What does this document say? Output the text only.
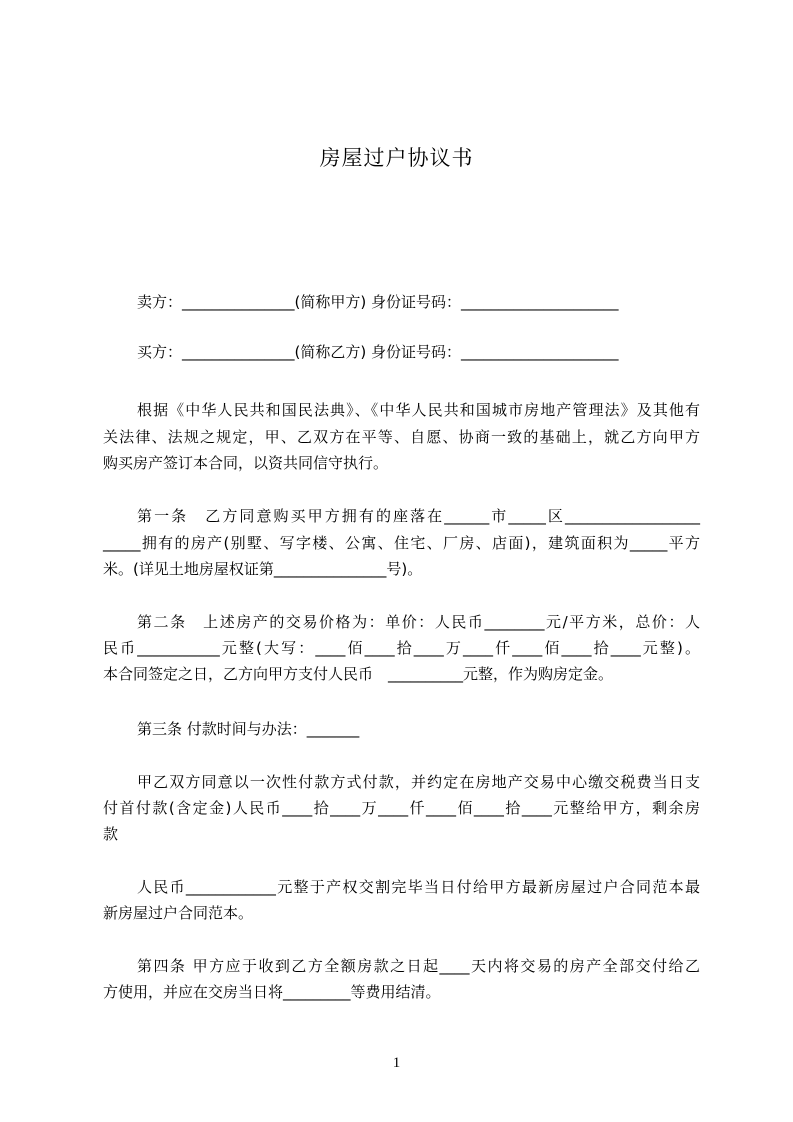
房屋过户协议书
卖方：_______________(简称甲方) 身份证号码：_____________________
买方：_______________(简称乙方) 身份证号码：_____________________
根据《中华人民共和国民法典》、《中华人民共和国城市房地产管理法》及其他有
关法律、法规之规定，甲、乙双方在平等、自愿、协商一致的基础上，就乙方向甲方
购买房产签订本合同，以资共同信守执行。
第一条　乙方同意购买甲方拥有的座落在______市_____区__________________
_____拥有的房产(别墅、写字楼、公寓、住宅、厂房、店面)，建筑面积为_____平方
米。(详见土地房屋权证第_______________号)。
第二条　上述房产的交易价格为：单价：人民币________元/平方米，总价：人
民币___________元整(大写：____佰____拾____万____仟____佰____拾____元整)。
本合同签定之日，乙方向甲方支付人民币　__________元整，作为购房定金。
第三条 付款时间与办法：_______
甲乙双方同意以一次性付款方式付款，并约定在房地产交易中心缴交税费当日支
付首付款(含定金)人民币____拾____万____仟____佰____拾____元整给甲方，剩余房
款
人民币____________元整于产权交割完毕当日付给甲方最新房屋过户合同范本最
新房屋过户合同范本。
第四条 甲方应于收到乙方全额房款之日起____天内将交易的房产全部交付给乙
方使用，并应在交房当日将_________等费用结清。
1
